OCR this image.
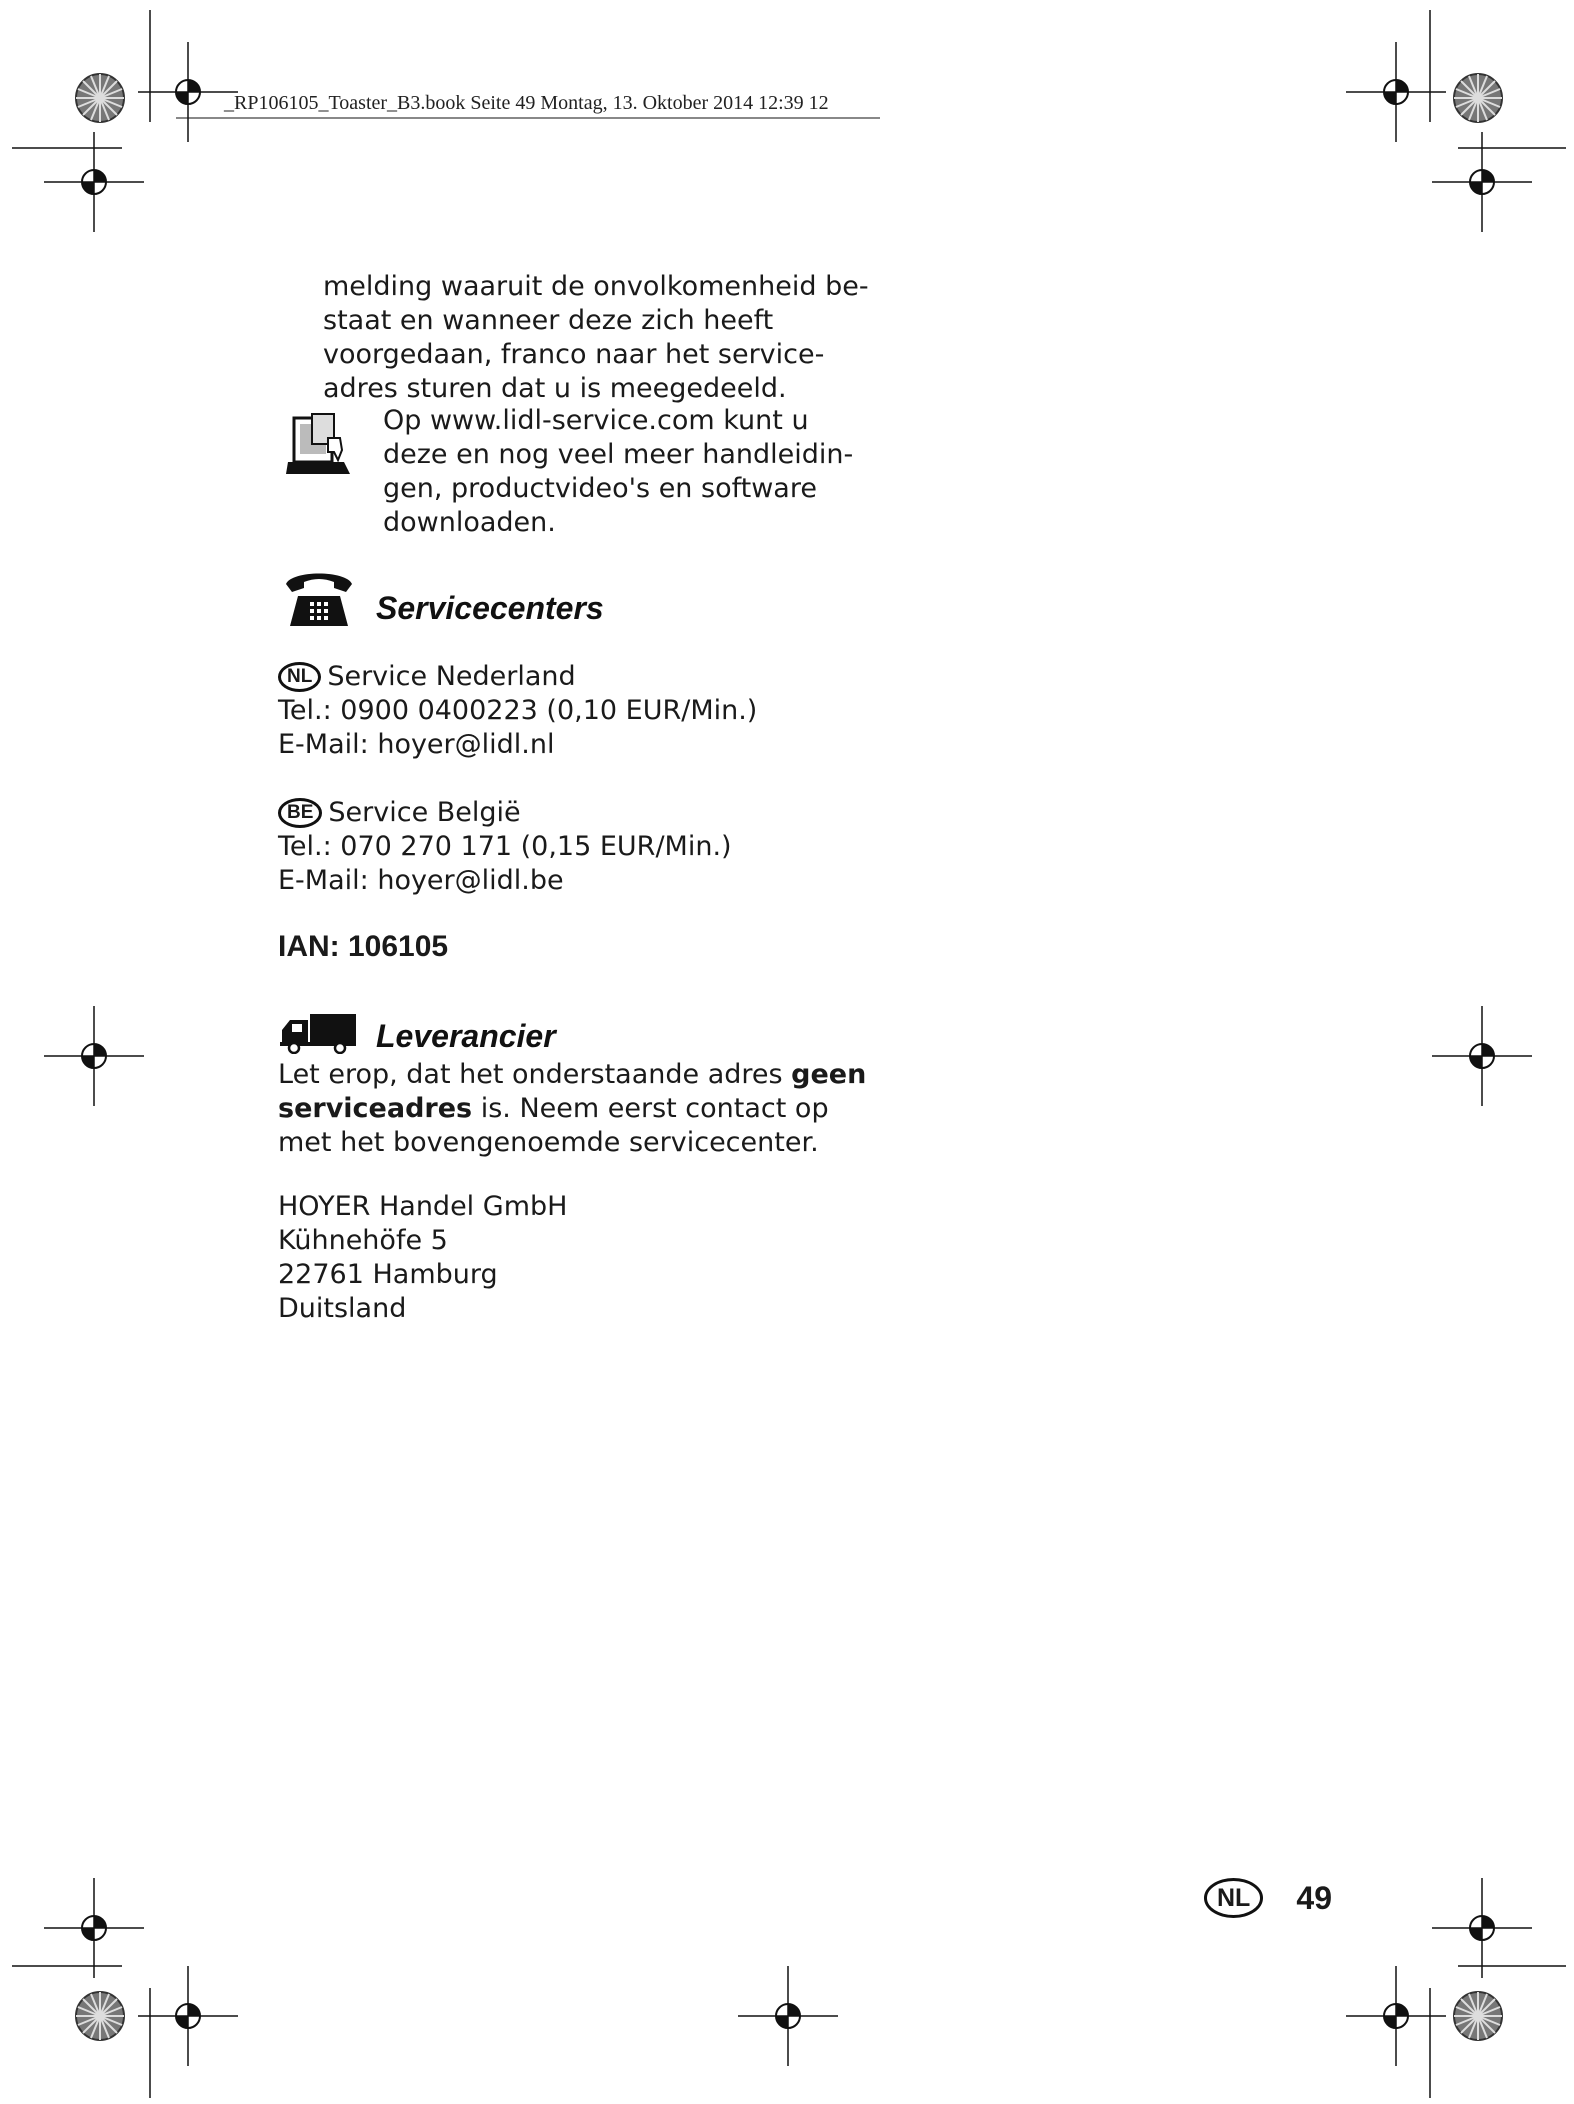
_RP106105_Toaster_B3.book Seite 49 Montag, 13. Oktober 2014 12:39 12
melding waaruit de onvolkomenheid be-
staat en wanneer deze zich heeft
voorgedaan, franco naar het service-
adres sturen dat u is meegedeeld.
Op www.lidl-service.com kunt u
deze en nog veel meer handleidin-
gen, productvideo's en software
downloaden.
Servicecenters
NL Service Nederland
Tel.: 0900 0400223 (0,10 EUR/Min.)
E-Mail: hoyer@lidl.nl
BE Service België
Tel.: 070 270 171 (0,15 EUR/Min.)
E-Mail: hoyer@lidl.be
IAN: 106105
Leverancier
Let erop, dat het onderstaande adres geen
serviceadres is. Neem eerst contact op
met het bovengenoemde servicecenter.
HOYER Handel GmbH
Kühnehöfe 5
22761 Hamburg
Duitsland
NL 49
